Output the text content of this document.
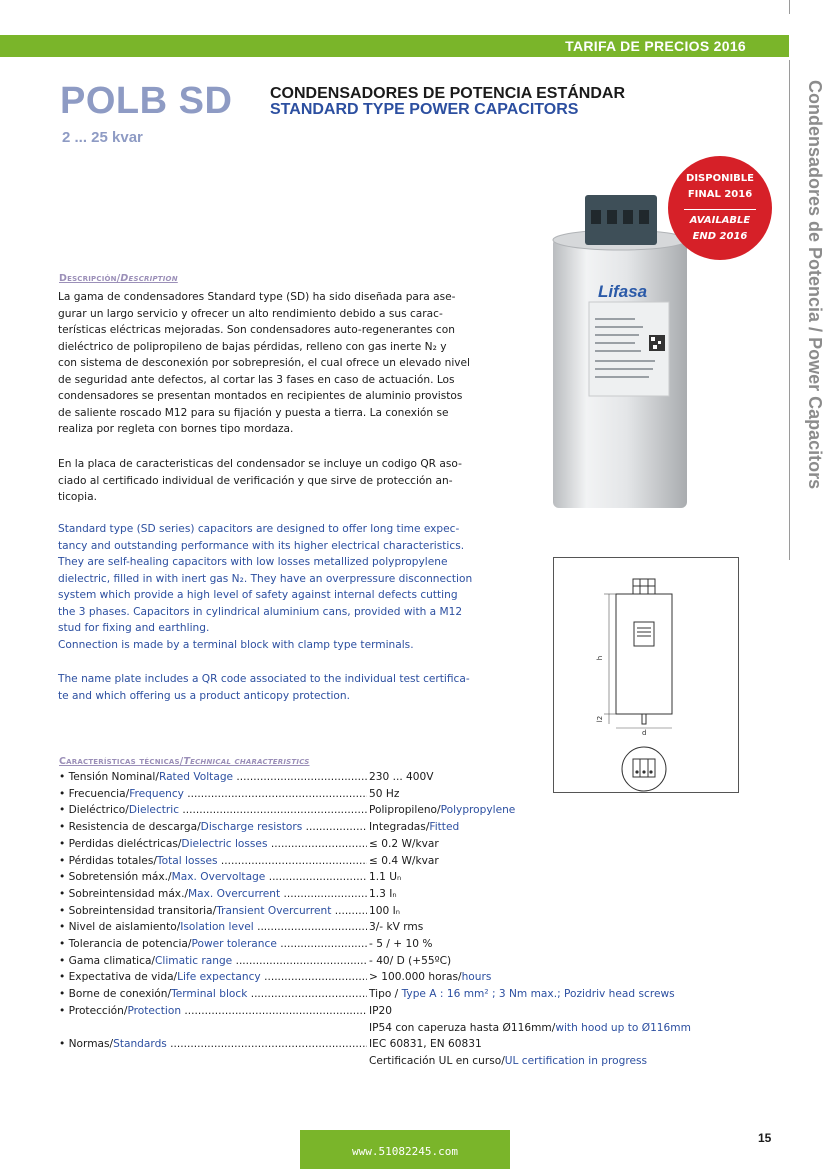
TARIFA DE PRECIOS 2016
Condensadores de Potencia / Power Capacitors
POLB SD
2 ... 25 kvar
CONDENSADORES DE POTENCIA ESTÁNDAR
STANDARD TYPE POWER CAPACITORS
Lifasa
DISPONIBLE
FINAL 2016
AVAILABLE
END 2016
Descripción/Description
La gama de condensadores Standard type (SD) ha sido diseñada para ase-
gurar un largo servicio y ofrecer un alto rendimiento debido a sus carac-
terísticas eléctricas mejoradas. Son condensadores auto-regenerantes con
dieléctrico de polipropileno de bajas pérdidas, relleno con gas inerte N₂ y
con sistema de desconexión por sobrepresión, el cual ofrece un elevado nivel
de seguridad ante defectos, al cortar las 3 fases en caso de actuación. Los
condensadores se presentan montados en recipientes de aluminio provistos
de saliente roscado M12 para su fijación y puesta a tierra. La conexión se
realiza por regleta con bornes tipo mordaza.
En la placa de caracteristicas del condensador se incluye un codigo QR aso-
ciado al certificado individual de verificación y que sirve de protección an-
ticopia.
Standard type (SD series) capacitors are designed to offer long time expec-
tancy and outstanding performance with its higher electrical characteristics.
They are self-healing capacitors with low losses metallized polypropylene
dielectric, filled in with inert gas N₂. They have an overpressure disconnection
system which provide a high level of safety against internal defects cutting
the 3 phases. Capacitors in cylindrical aluminium cans, provided with a M12
stud for fixing and earthling.
Connection is made by a terminal block with clamp type terminals.
The name plate includes a QR code associated to the individual test certifica-
te and which offering us a product anticopy protection.
h
l2
d
Características técnicas/Technical characteristics
• Tensión Nominal/Rated Voltage .....	230 ... 400V
• Frecuencia/Frequency .....	50 Hz
• Dieléctrico/Dielectric .....	Polipropileno/Polypropylene
• Resistencia de descarga/Discharge resistors .....	Integradas/Fitted
• Perdidas dieléctricas/Dielectric losses .....	≤ 0.2 W/kvar
• Pérdidas totales/Total losses .....	≤ 0.4 W/kvar
• Sobretensión máx./Max. Overvoltage .....	1.1 Uₙ
• Sobreintensidad máx./Max. Overcurrent .....	1.3 Iₙ
• Sobreintensidad transitoria/Transient Overcurrent .....	100 Iₙ
• Nivel de aislamiento/Isolation level .....	3/- kV rms
• Tolerancia de potencia/Power tolerance .....	- 5 / + 10 %
• Gama climatica/Climatic range .....	- 40/ D (+55ºC)
• Expectativa de vida/Life expectancy .....	> 100.000 horas/hours
• Borne de conexión/Terminal block .....	Tipo / Type A : 16 mm² ; 3 Nm max.; Pozidriv head screws
• Protección/Protection .....	IP20
IP54 con caperuza hasta Ø116mm/with hood up to Ø116mm
• Normas/Standards .....	IEC 60831, EN 60831
Certificación UL en curso/UL certification in progress
www.51082245.com
15
